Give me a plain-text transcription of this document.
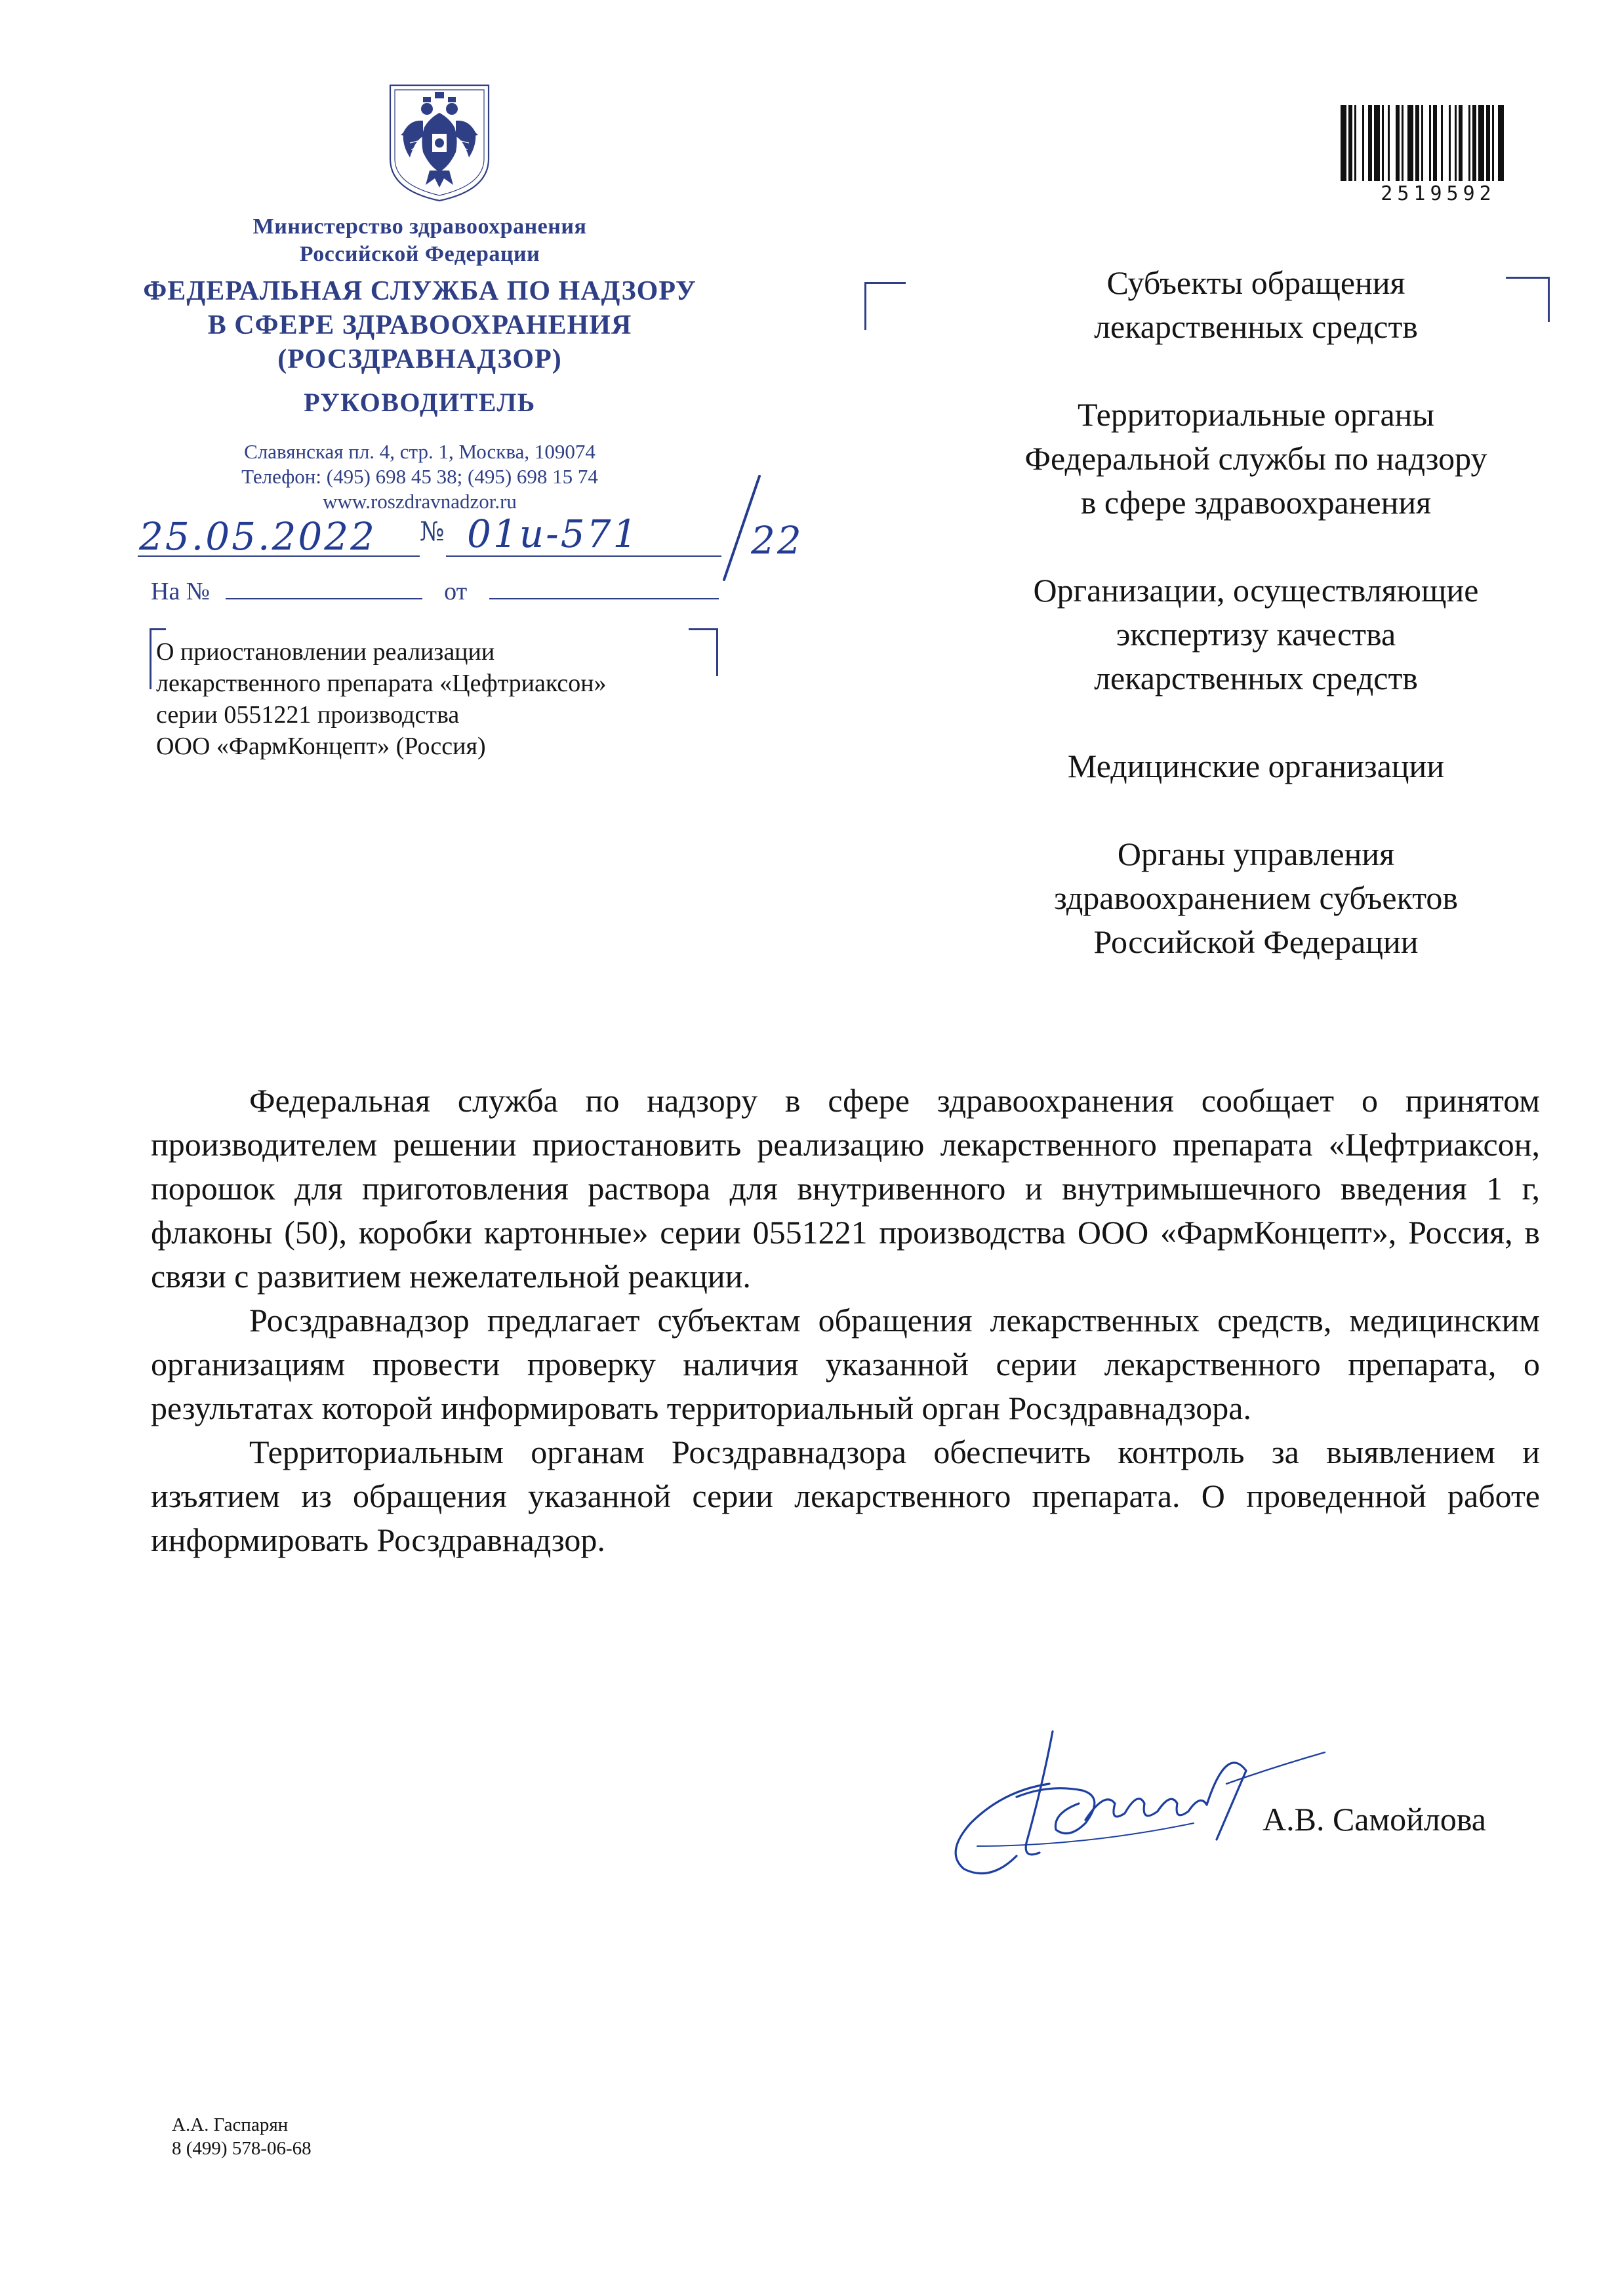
Министерство здравоохранения
Российской Федерации
ФЕДЕРАЛЬНАЯ СЛУЖБА ПО НАДЗОРУ
В СФЕРЕ ЗДРАВООХРАНЕНИЯ
(РОСЗДРАВНАДЗОР)
РУКОВОДИТЕЛЬ
Славянская пл. 4, стр. 1, Москва, 109074
Телефон: (495) 698 45 38; (495) 698 15 74
www.roszdravnadzor.ru
25.05.2022 № 01и-571	22
На №	от
О приостановлении реализации
лекарственного препарата «Цефтриаксон»
серии 0551221 производства
ООО «ФармКонцепт» (Россия)
2519592
Субъекты обращения
лекарственных средств
Территориальные органы
Федеральной службы по надзору
в сфере здравоохранения
Организации, осуществляющие
экспертизу качества
лекарственных средств
Медицинские организации
Органы управления
здравоохранением субъектов
Российской Федерации

Федеральная служба по надзору в сфере здравоохранения сообщает о принятом производителем решении приостановить реализацию лекарственного препарата «Цефтриаксон, порошок для приготовления раствора для внутривенного и внутримышечного введения 1 г, флаконы (50), коробки картонные» серии 0551221 производства ООО «ФармКонцепт», Россия, в связи с развитием нежелательной реакции.

Росздравнадзор предлагает субъектам обращения лекарственных средств, медицинским организациям провести проверку наличия указанной серии лекарственного препарата, о результатах которой информировать территориальный орган Росздравнадзора.

Территориальным органам Росздравнадзора обеспечить контроль за выявлением и изъятием из обращения указанной серии лекарственного препарата. О проведенной работе информировать Росздравнадзор.

А.В. Самойлова
А.А. Гаспарян
8 (499) 578-06-68
